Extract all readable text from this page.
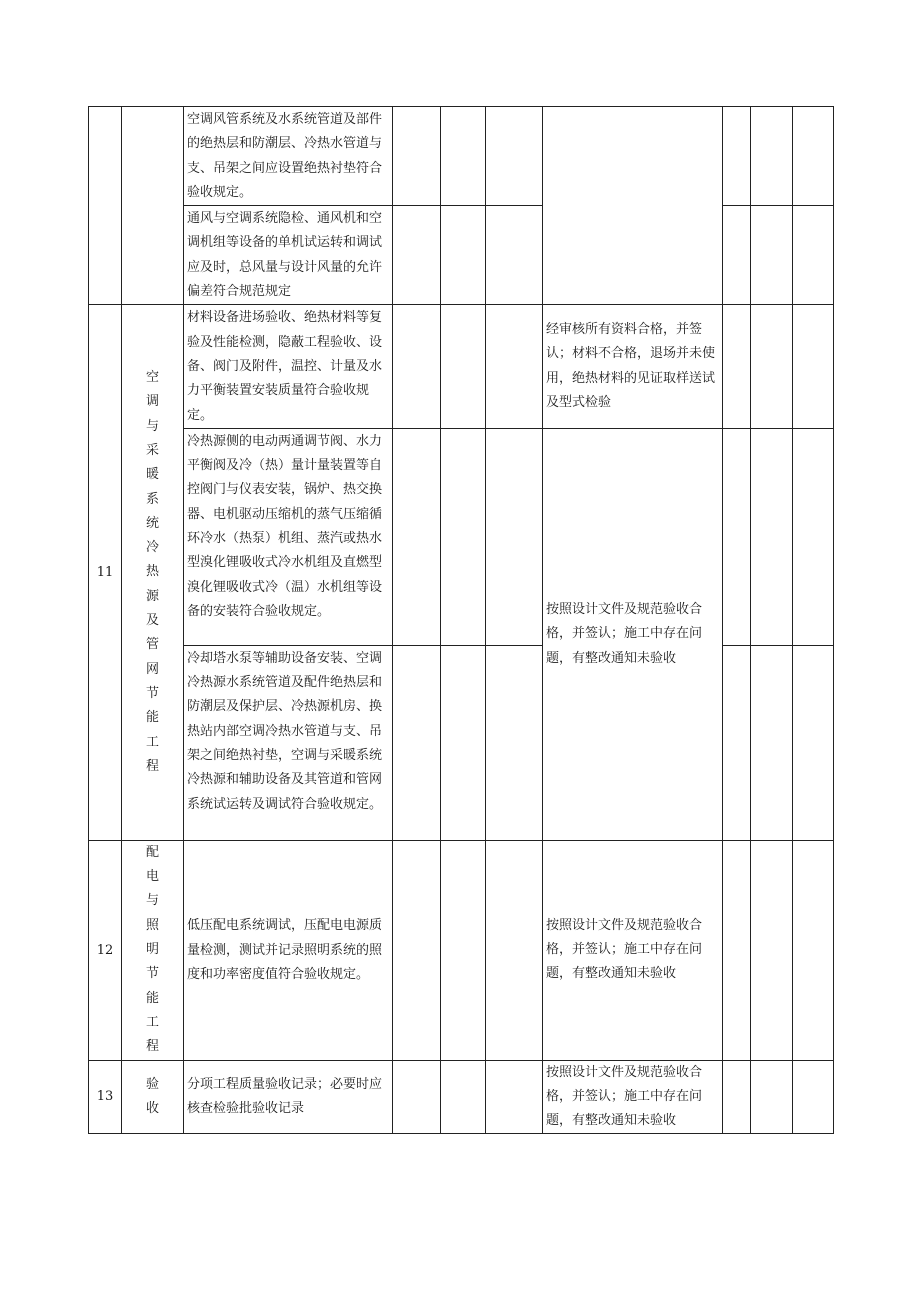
		空调风管系统及水系统管道及部件的绝热层和防潮层、冷热水管道与支、吊架之间应设置绝热衬垫符合验收规定。							
		通风与空调系统隐检、通风机和空调机组等设备的单机试运转和调试应及时，总风量与设计风量的允许偏差符合规范规定							
11	空调与采暖系统冷热源及管网节能工程	材料设备进场验收、绝热材料等复验及性能检测，隐蔽工程验收、设备、阀门及附件，温控、计量及水力平衡装置安装质量符合验收规定。				经审核所有资料合格，并签认；材料不合格，退场并未使用，绝热材料的见证取样送试及型式检验			
		冷热源侧的电动两通调节阀、水力平衡阀及冷（热）量计量装置等自控阀门与仪表安装，锅炉、热交换器、电机驱动压缩机的蒸气压缩循环冷水（热泵）机组、蒸汽或热水型溴化锂吸收式冷水机组及直燃型溴化锂吸收式冷（温）水机组等设备的安装符合验收规定。				按照设计文件及规范验收合格，并签认；施工中存在问题，有整改通知未验收			
		冷却塔水泵等辅助设备安装、空调冷热源水系统管道及配件绝热层和防潮层及保护层、冷热源机房、换热站内部空调冷热水管道与支、吊架之间绝热衬垫，空调与采暖系统冷热源和辅助设备及其管道和管网系统试运转及调试符合验收规定。							
12	配电与照明节能工程	低压配电系统调试，压配电电源质量检测，测试并记录照明系统的照度和功率密度值符合验收规定。				按照设计文件及规范验收合格，并签认；施工中存在问题，有整改通知未验收			
13	验收	分项工程质量验收记录；必要时应核查检验批验收记录				按照设计文件及规范验收合格，并签认；施工中存在问题，有整改通知未验收			
